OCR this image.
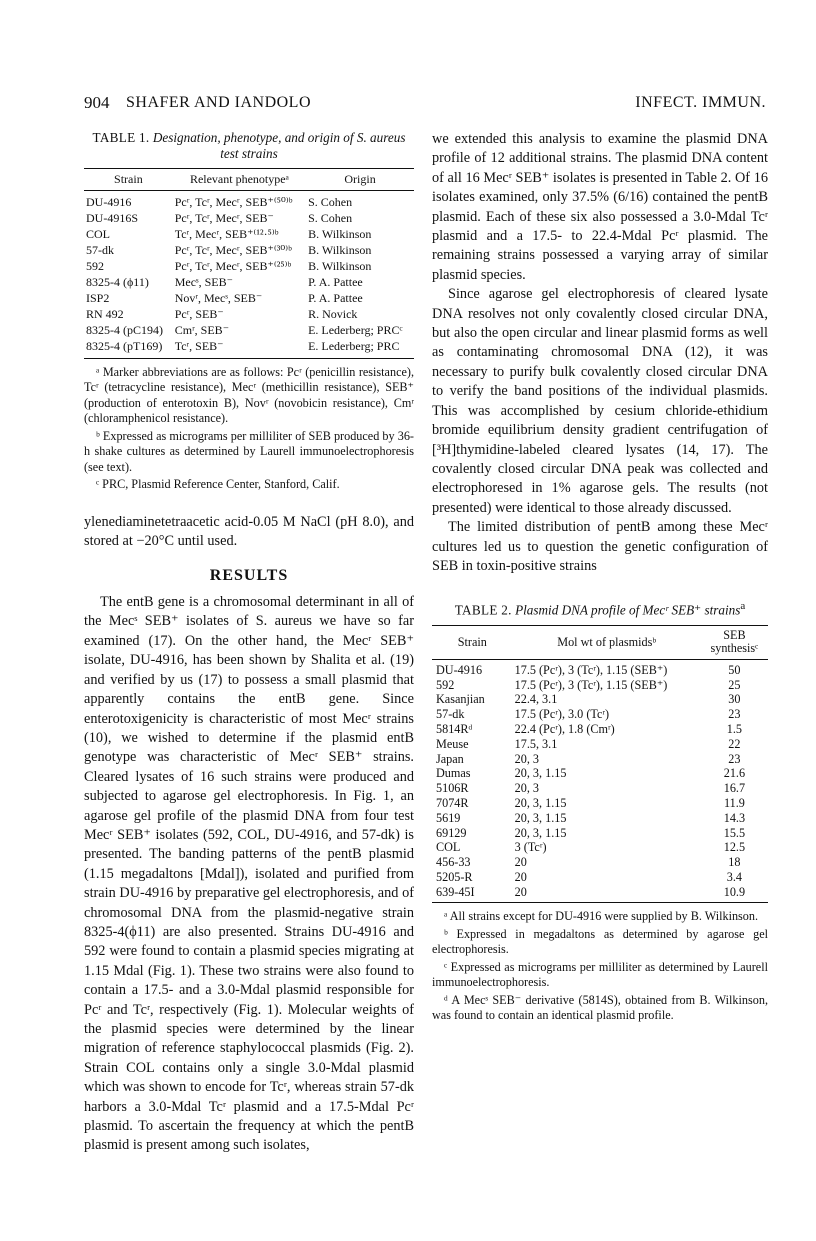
904 SHAFER AND IANDOLO	INFECT. IMMUN.
TABLE 1. Designation, phenotype, and origin of S. aureus test strains
Strain	Relevant phenotypeᵃ	Origin
DU-4916	Pcʳ, Tcʳ, Mecʳ, SEB⁺⁽⁵⁰⁾ᵇ	S. Cohen
DU-4916S	Pcʳ, Tcʳ, Mecʳ, SEB⁻	S. Cohen
COL	Tcʳ, Mecʳ, SEB⁺⁽¹²·⁵⁾ᵇ	B. Wilkinson
57-dk	Pcʳ, Tcʳ, Mecʳ, SEB⁺⁽³⁰⁾ᵇ	B. Wilkinson
592	Pcʳ, Tcʳ, Mecʳ, SEB⁺⁽²⁵⁾ᵇ	B. Wilkinson
8325-4 (ϕ11)	Mecˢ, SEB⁻	P. A. Pattee
ISP2	Novʳ, Mecˢ, SEB⁻	P. A. Pattee
RN 492	Pcʳ, SEB⁻	R. Novick
8325-4 (pC194)	Cmʳ, SEB⁻	E. Lederberg; PRCᶜ
8325-4 (pT169)	Tcʳ, SEB⁻	E. Lederberg; PRC

ᵃ Marker abbreviations are as follows: Pcʳ (penicillin resistance), Tcʳ (tetracycline resistance), Mecʳ (methicillin resistance), SEB⁺ (production of enterotoxin B), Novʳ (novobicin resistance), Cmʳ (chloramphenicol resistance).

ᵇ Expressed as micrograms per milliliter of SEB produced by 36-h shake cultures as determined by Laurell immunoelectrophoresis (see text).

ᶜ PRC, Plasmid Reference Center, Stanford, Calif.

ylenediaminetetraacetic acid-0.05 M NaCl (pH 8.0), and stored at −20°C until used.

RESULTS

The entB gene is a chromosomal determinant in all of the Mecˢ SEB⁺ isolates of S. aureus we have so far examined (17). On the other hand, the Mecʳ SEB⁺ isolate, DU-4916, has been shown by Shalita et al. (19) and verified by us (17) to possess a small plasmid that apparently contains the entB gene. Since enterotoxigenicity is characteristic of most Mecʳ strains (10), we wished to determine if the plasmid entB genotype was characteristic of Mecʳ SEB⁺ strains. Cleared lysates of 16 such strains were produced and subjected to agarose gel electrophoresis. In Fig. 1, an agarose gel profile of the plasmid DNA from four test Mecʳ SEB⁺ isolates (592, COL, DU-4916, and 57-dk) is presented. The banding patterns of the pentB plasmid (1.15 megadaltons [Mdal]), isolated and purified from strain DU-4916 by preparative gel electrophoresis, and of chromosomal DNA from the plasmid-negative strain 8325-4(ϕ11) are also presented. Strains DU-4916 and 592 were found to contain a plasmid species migrating at 1.15 Mdal (Fig. 1). These two strains were also found to contain a 17.5- and a 3.0-Mdal plasmid responsible for Pcʳ and Tcʳ, respectively (Fig. 1). Molecular weights of the plasmid species were determined by the linear migration of reference staphylococcal plasmids (Fig. 2). Strain COL contains only a single 3.0-Mdal plasmid which was shown to encode for Tcʳ, whereas strain 57-dk harbors a 3.0-Mdal Tcʳ plasmid and a 17.5-Mdal Pcʳ plasmid. To ascertain the frequency at which the pentB plasmid is present among such isolates,

we extended this analysis to examine the plasmid DNA profile of 12 additional strains. The plasmid DNA content of all 16 Mecʳ SEB⁺ isolates is presented in Table 2. Of 16 isolates examined, only 37.5% (6/16) contained the pentB plasmid. Each of these six also possessed a 3.0-Mdal Tcʳ plasmid and a 17.5- to 22.4-Mdal Pcʳ plasmid. The remaining strains possessed a varying array of similar plasmid species.

Since agarose gel electrophoresis of cleared lysate DNA resolves not only covalently closed circular DNA, but also the open circular and linear plasmid forms as well as contaminating chromosomal DNA (12), it was necessary to purify bulk covalently closed circular DNA to verify the band positions of the individual plasmids. This was accomplished by cesium chloride-ethidium bromide equilibrium density gradient centrifugation of [³H]thymidine-labeled cleared lysates (14, 17). The covalently closed circular DNA peak was collected and electrophoresed in 1% agarose gels. The results (not presented) were identical to those already discussed.

The limited distribution of pentB among these Mecʳ cultures led us to question the genetic configuration of SEB in toxin-positive strains

TABLE 2. Plasmid DNA profile of Mecʳ SEB⁺ strains$^a$
Strain	Mol wt of plasmidsᵇ	SEB synthesisᶜ
DU-4916	17.5 (Pcʳ), 3 (Tcʳ), 1.15 (SEB⁺)	50
592	17.5 (Pcʳ), 3 (Tcʳ), 1.15 (SEB⁺)	25
Kasanjian	22.4, 3.1	30
57-dk	17.5 (Pcʳ), 3.0 (Tcʳ)	23
5814Rᵈ	22.4 (Pcʳ), 1.8 (Cmʳ)	1.5
Meuse	17.5, 3.1	22
Japan	20, 3	23
Dumas	20, 3, 1.15	21.6
5106R	20, 3	16.7
7074R	20, 3, 1.15	11.9
5619	20, 3, 1.15	14.3
69129	20, 3, 1.15	15.5
COL	3 (Tcʳ)	12.5
456-33	20	18
5205-R	20	3.4
639-45I	20	10.9

ᵃ All strains except for DU-4916 were supplied by B. Wilkinson.

ᵇ Expressed in megadaltons as determined by agarose gel electrophoresis.

ᶜ Expressed as micrograms per milliliter as determined by Laurell immunoelectrophoresis.

ᵈ A Mecˢ SEB⁻ derivative (5814S), obtained from B. Wilkinson, was found to contain an identical plasmid profile.
